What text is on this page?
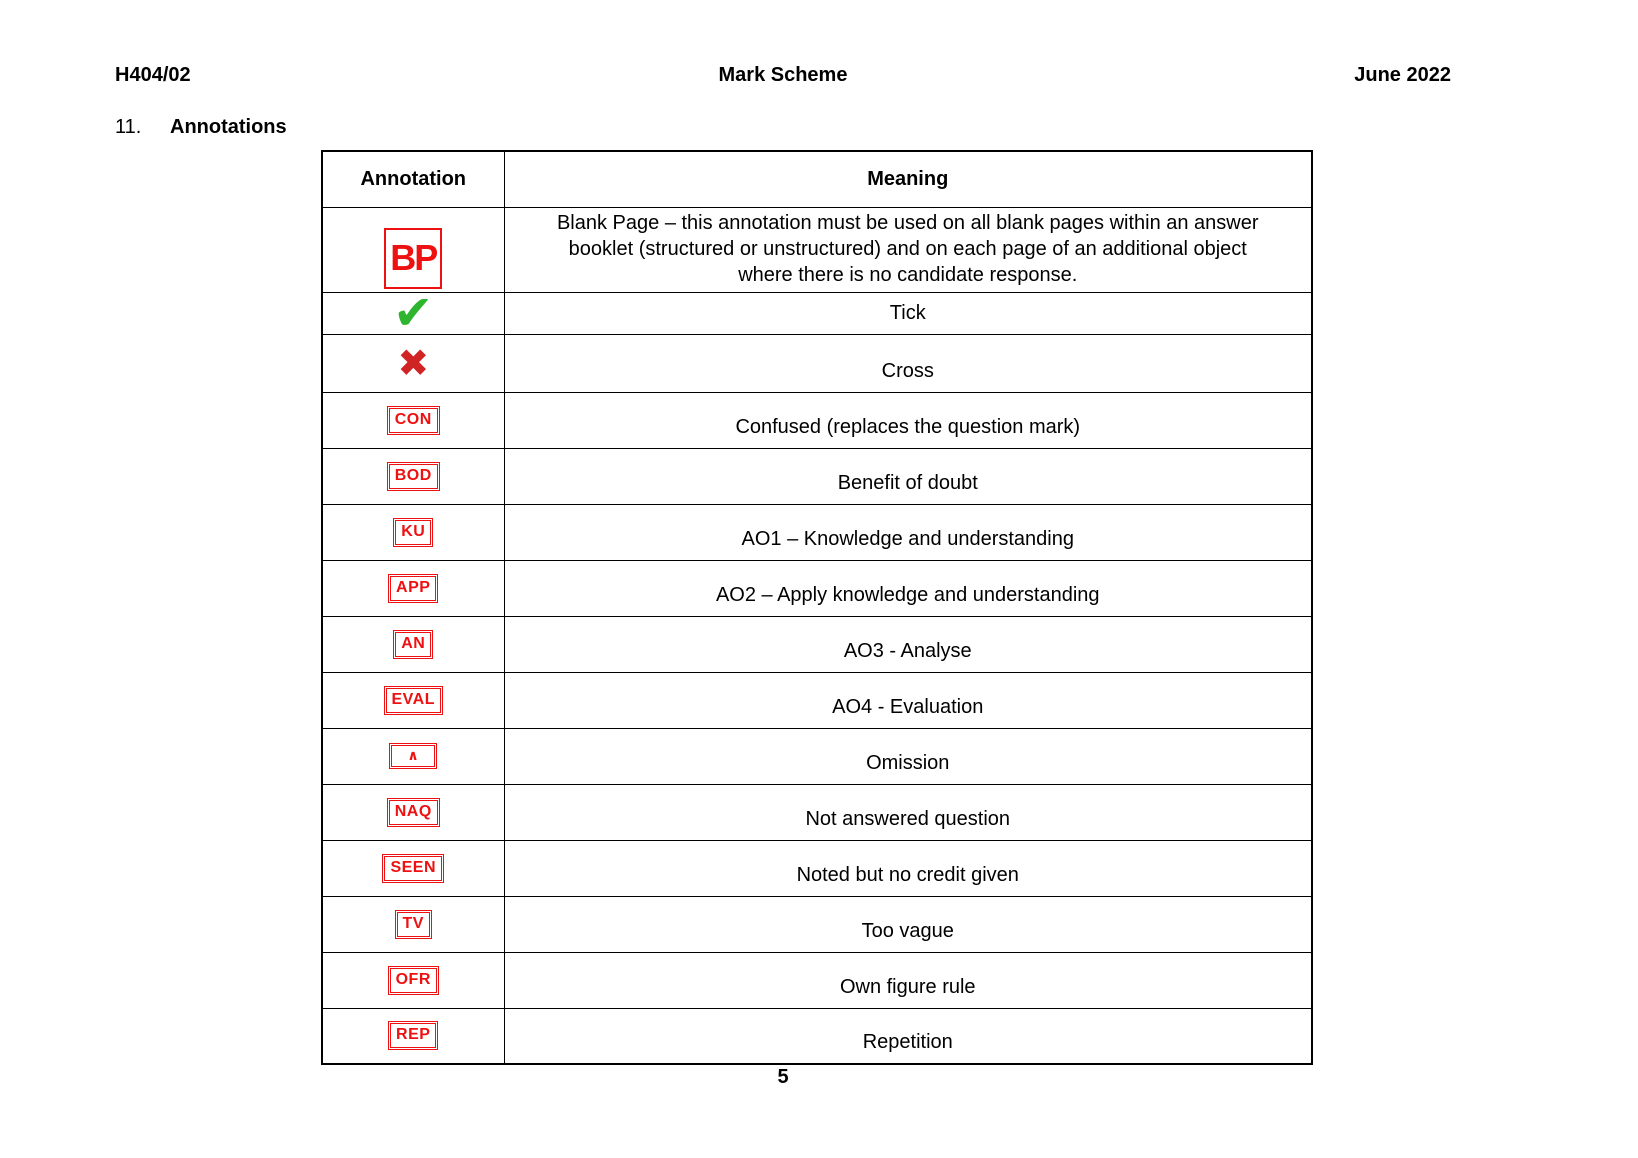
H404/02	Mark Scheme	June 2022
11. Annotations
Annotation	Meaning
BP	Blank Page – this annotation must be used on all blank pages within an answer booklet (structured or unstructured) and on each page of an additional object where there is no candidate response.
✔	Tick
✖	Cross
CON	Confused (replaces the question mark)
BOD	Benefit of doubt
KU	AO1 – Knowledge and understanding
APP	AO2 – Apply knowledge and understanding
AN	AO3 - Analyse
EVAL	AO4 - Evaluation
∧	Omission
NAQ	Not answered question
SEEN	Noted but no credit given
TV	Too vague
OFR	Own figure rule
REP	Repetition
5
